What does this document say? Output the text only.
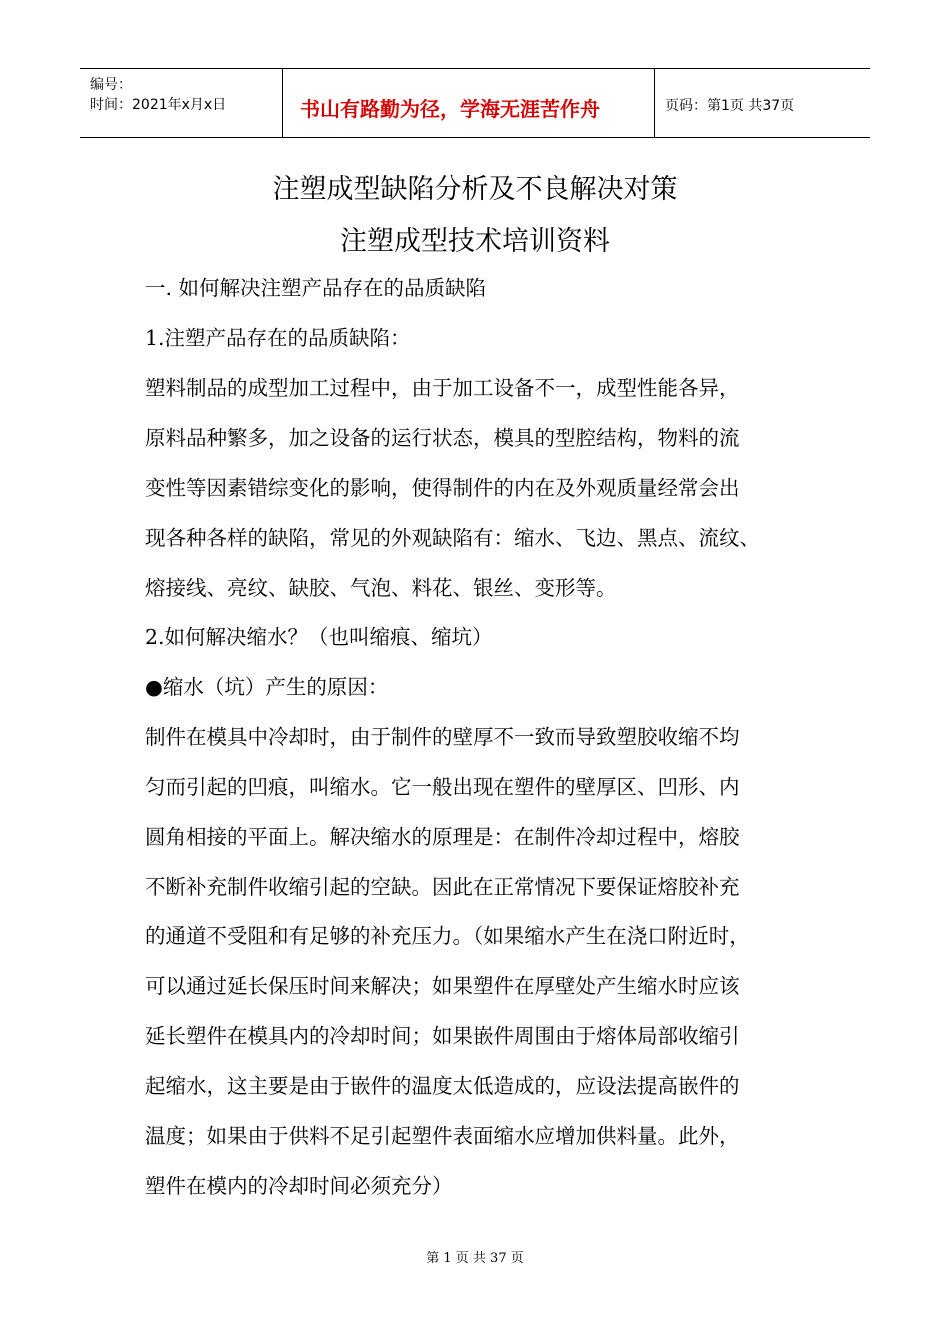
编号：
时间：2021年x月x日	书山有路勤为径，学海无涯苦作舟	页码：第1页 共37页
注塑成型缺陷分析及不良解决对策
注塑成型技术培训资料
一. 如何解决注塑产品存在的品质缺陷
1.注塑产品存在的品质缺陷：
塑料制品的成型加工过程中，由于加工设备不一，成型性能各异，
原料品种繁多，加之设备的运行状态，模具的型腔结构，物料的流
变性等因素错综变化的影响，使得制件的内在及外观质量经常会出
现各种各样的缺陷，常见的外观缺陷有：缩水、飞边、黑点、流纹、
熔接线、亮纹、缺胶、气泡、料花、银丝、变形等。
2.如何解决缩水？（也叫缩痕、缩坑）
●缩水（坑）产生的原因：
制件在模具中冷却时，由于制件的壁厚不一致而导致塑胶收缩不均
匀而引起的凹痕，叫缩水。它一般出现在塑件的壁厚区、凹形、内
圆角相接的平面上。解决缩水的原理是：在制件冷却过程中，熔胶
不断补充制件收缩引起的空缺。因此在正常情况下要保证熔胶补充
的通道不受阻和有足够的补充压力。（如果缩水产生在浇口附近时，
可以通过延长保压时间来解决；如果塑件在厚壁处产生缩水时应该
延长塑件在模具内的冷却时间；如果嵌件周围由于熔体局部收缩引
起缩水，这主要是由于嵌件的温度太低造成的，应设法提高嵌件的
温度；如果由于供料不足引起塑件表面缩水应增加供料量。此外，
塑件在模内的冷却时间必须充分）
第 1 页 共 37 页
